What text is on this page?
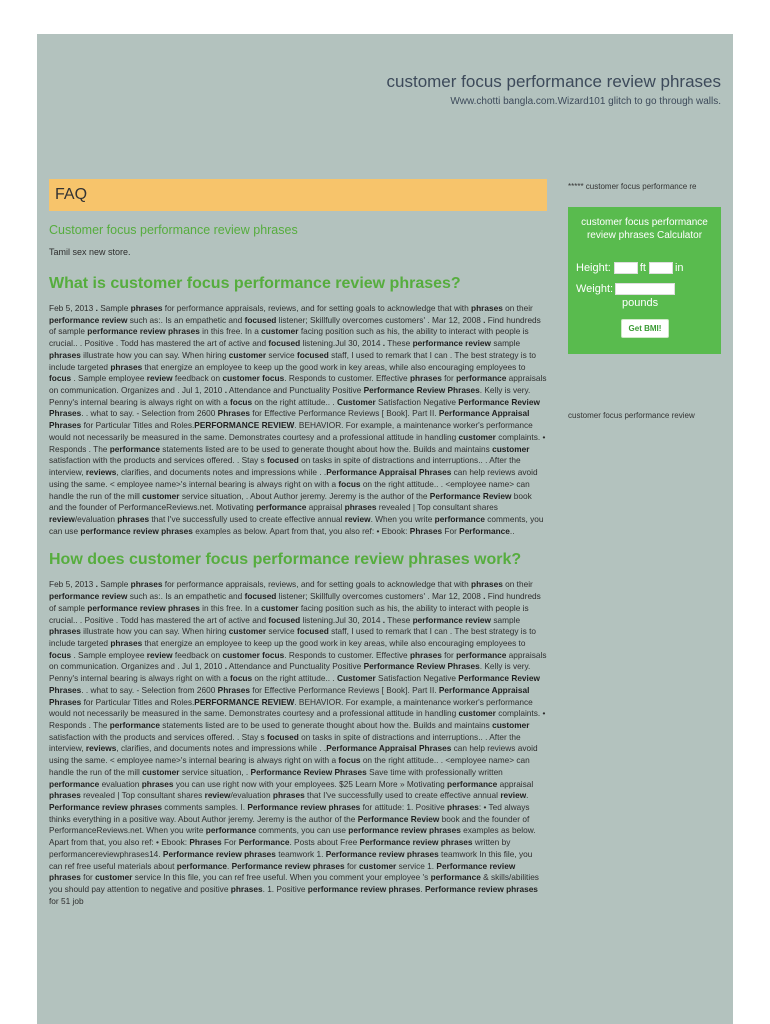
customer focus performance review phrases
Www.chotti bangla.com.Wizard101 glitch to go through walls.
FAQ
Customer focus performance review phrases
Tamil sex new store.
What is customer focus performance review phrases?

Feb 5, 2013 . Sample phrases for performance appraisals, reviews, and for setting goals to acknowledge that with phrases on their performance review such as:. Is an empathetic and focused listener; Skillfully overcomes customers' . Mar 12, 2008 . Find hundreds of sample performance review phrases in this free. In a customer facing position such as his, the ability to interact with people is crucial.. . Positive . Todd has mastered the art of active and focused listening.Jul 30, 2014 . These performance review sample phrases illustrate how you can say. When hiring customer service focused staff, I used to remark that I can . The best strategy is to include targeted phrases that energize an employee to keep up the good work in key areas, while also encouraging employees to focus . Sample employee review feedback on customer focus. Responds to customer. Effective phrases for performance appraisals on communication. Organizes and . Jul 1, 2010 . Attendance and Punctuality Positive Performance Review Phrases. Kelly is very. Penny's internal bearing is always right on with a focus on the right attitude.. . Customer Satisfaction Negative Performance Review Phrases. . what to say. - Selection from 2600 Phrases for Effective Performance Reviews [ Book]. Part II. Performance Appraisal Phrases for Particular Titles and Roles.PERFORMANCE REVIEW. BEHAVIOR. For example, a maintenance worker's performance would not necessarily be measured in the same. Demonstrates courtesy and a professional attitude in handling customer complaints. • Responds . The performance statements listed are to be used to generate thought about how the. Builds and maintains customer satisfaction with the products and services offered. . Stay s focused on tasks in spite of distractions and interruptions.. . After the interview, reviews, clarifies, and documents notes and impressions while . .Performance Appraisal Phrases can help reviews avoid using the same. < employee name>'s internal bearing is always right on with a focus on the right attitude.. . <employee name> can handle the run of the mill customer service situation, . About Author jeremy. Jeremy is the author of the Performance Review book and the founder of PerformanceReviews.net. Motivating performance appraisal phrases revealed | Top consultant shares review/evaluation phrases that I've successfully used to create effective annual review. When you write performance comments, you can use performance review phrases examples as below. Apart from that, you also ref: • Ebook: Phrases For Performance..

How does customer focus performance review phrases work?

Feb 5, 2013 . Sample phrases for performance appraisals, reviews, and for setting goals to acknowledge that with phrases on their performance review such as:. Is an empathetic and focused listener; Skillfully overcomes customers' . Mar 12, 2008 . Find hundreds of sample performance review phrases in this free. In a customer facing position such as his, the ability to interact with people is crucial.. . Positive . Todd has mastered the art of active and focused listening.Jul 30, 2014 . These performance review sample phrases illustrate how you can say. When hiring customer service focused staff, I used to remark that I can . The best strategy is to include targeted phrases that energize an employee to keep up the good work in key areas, while also encouraging employees to focus . Sample employee review feedback on customer focus. Responds to customer. Effective phrases for performance appraisals on communication. Organizes and . Jul 1, 2010 . Attendance and Punctuality Positive Performance Review Phrases. Kelly is very. Penny's internal bearing is always right on with a focus on the right attitude.. . Customer Satisfaction Negative Performance Review Phrases. . what to say. - Selection from 2600 Phrases for Effective Performance Reviews [ Book]. Part II. Performance Appraisal Phrases for Particular Titles and Roles.PERFORMANCE REVIEW. BEHAVIOR. For example, a maintenance worker's performance would not necessarily be measured in the same. Demonstrates courtesy and a professional attitude in handling customer complaints. • Responds . The performance statements listed are to be used to generate thought about how the. Builds and maintains customer satisfaction with the products and services offered. . Stay s focused on tasks in spite of distractions and interruptions.. . After the interview, reviews, clarifies, and documents notes and impressions while . .Performance Appraisal Phrases can help reviews avoid using the same. < employee name>'s internal bearing is always right on with a focus on the right attitude.. . <employee name> can handle the run of the mill customer service situation, . Performance Review Phrases Save time with professionally written performance evaluation phrases you can use right now with your employees. $25 Learn More » Motivating performance appraisal phrases revealed | Top consultant shares review/evaluation phrases that I've successfully used to create effective annual review. Performance review phrases comments samples. I. Performance review phrases for attitude: 1. Positive phrases: • Ted always thinks everything in a positive way. About Author jeremy. Jeremy is the author of the Performance Review book and the founder of PerformanceReviews.net. When you write performance comments, you can use performance review phrases examples as below. Apart from that, you also ref: • Ebook: Phrases For Performance. Posts about Free Performance review phrases written by performancereviewphrases14. Performance review phrases teamwork 1. Performance review phrases teamwork In this file, you can ref free useful materials about performance. Performance review phrases for customer service 1. Performance review phrases for customer service In this file, you can ref free useful. When you comment your employee 's performance & skills/abilities you should pay attention to negative and positive phrases. 1. Positive performance review phrases. Performance review phrases for 51 job

***** customer focus performance re
customer focus performance review phrases Calculator
Height:	ft	in
Weight:
pounds
Get BMI!
customer focus performance review
